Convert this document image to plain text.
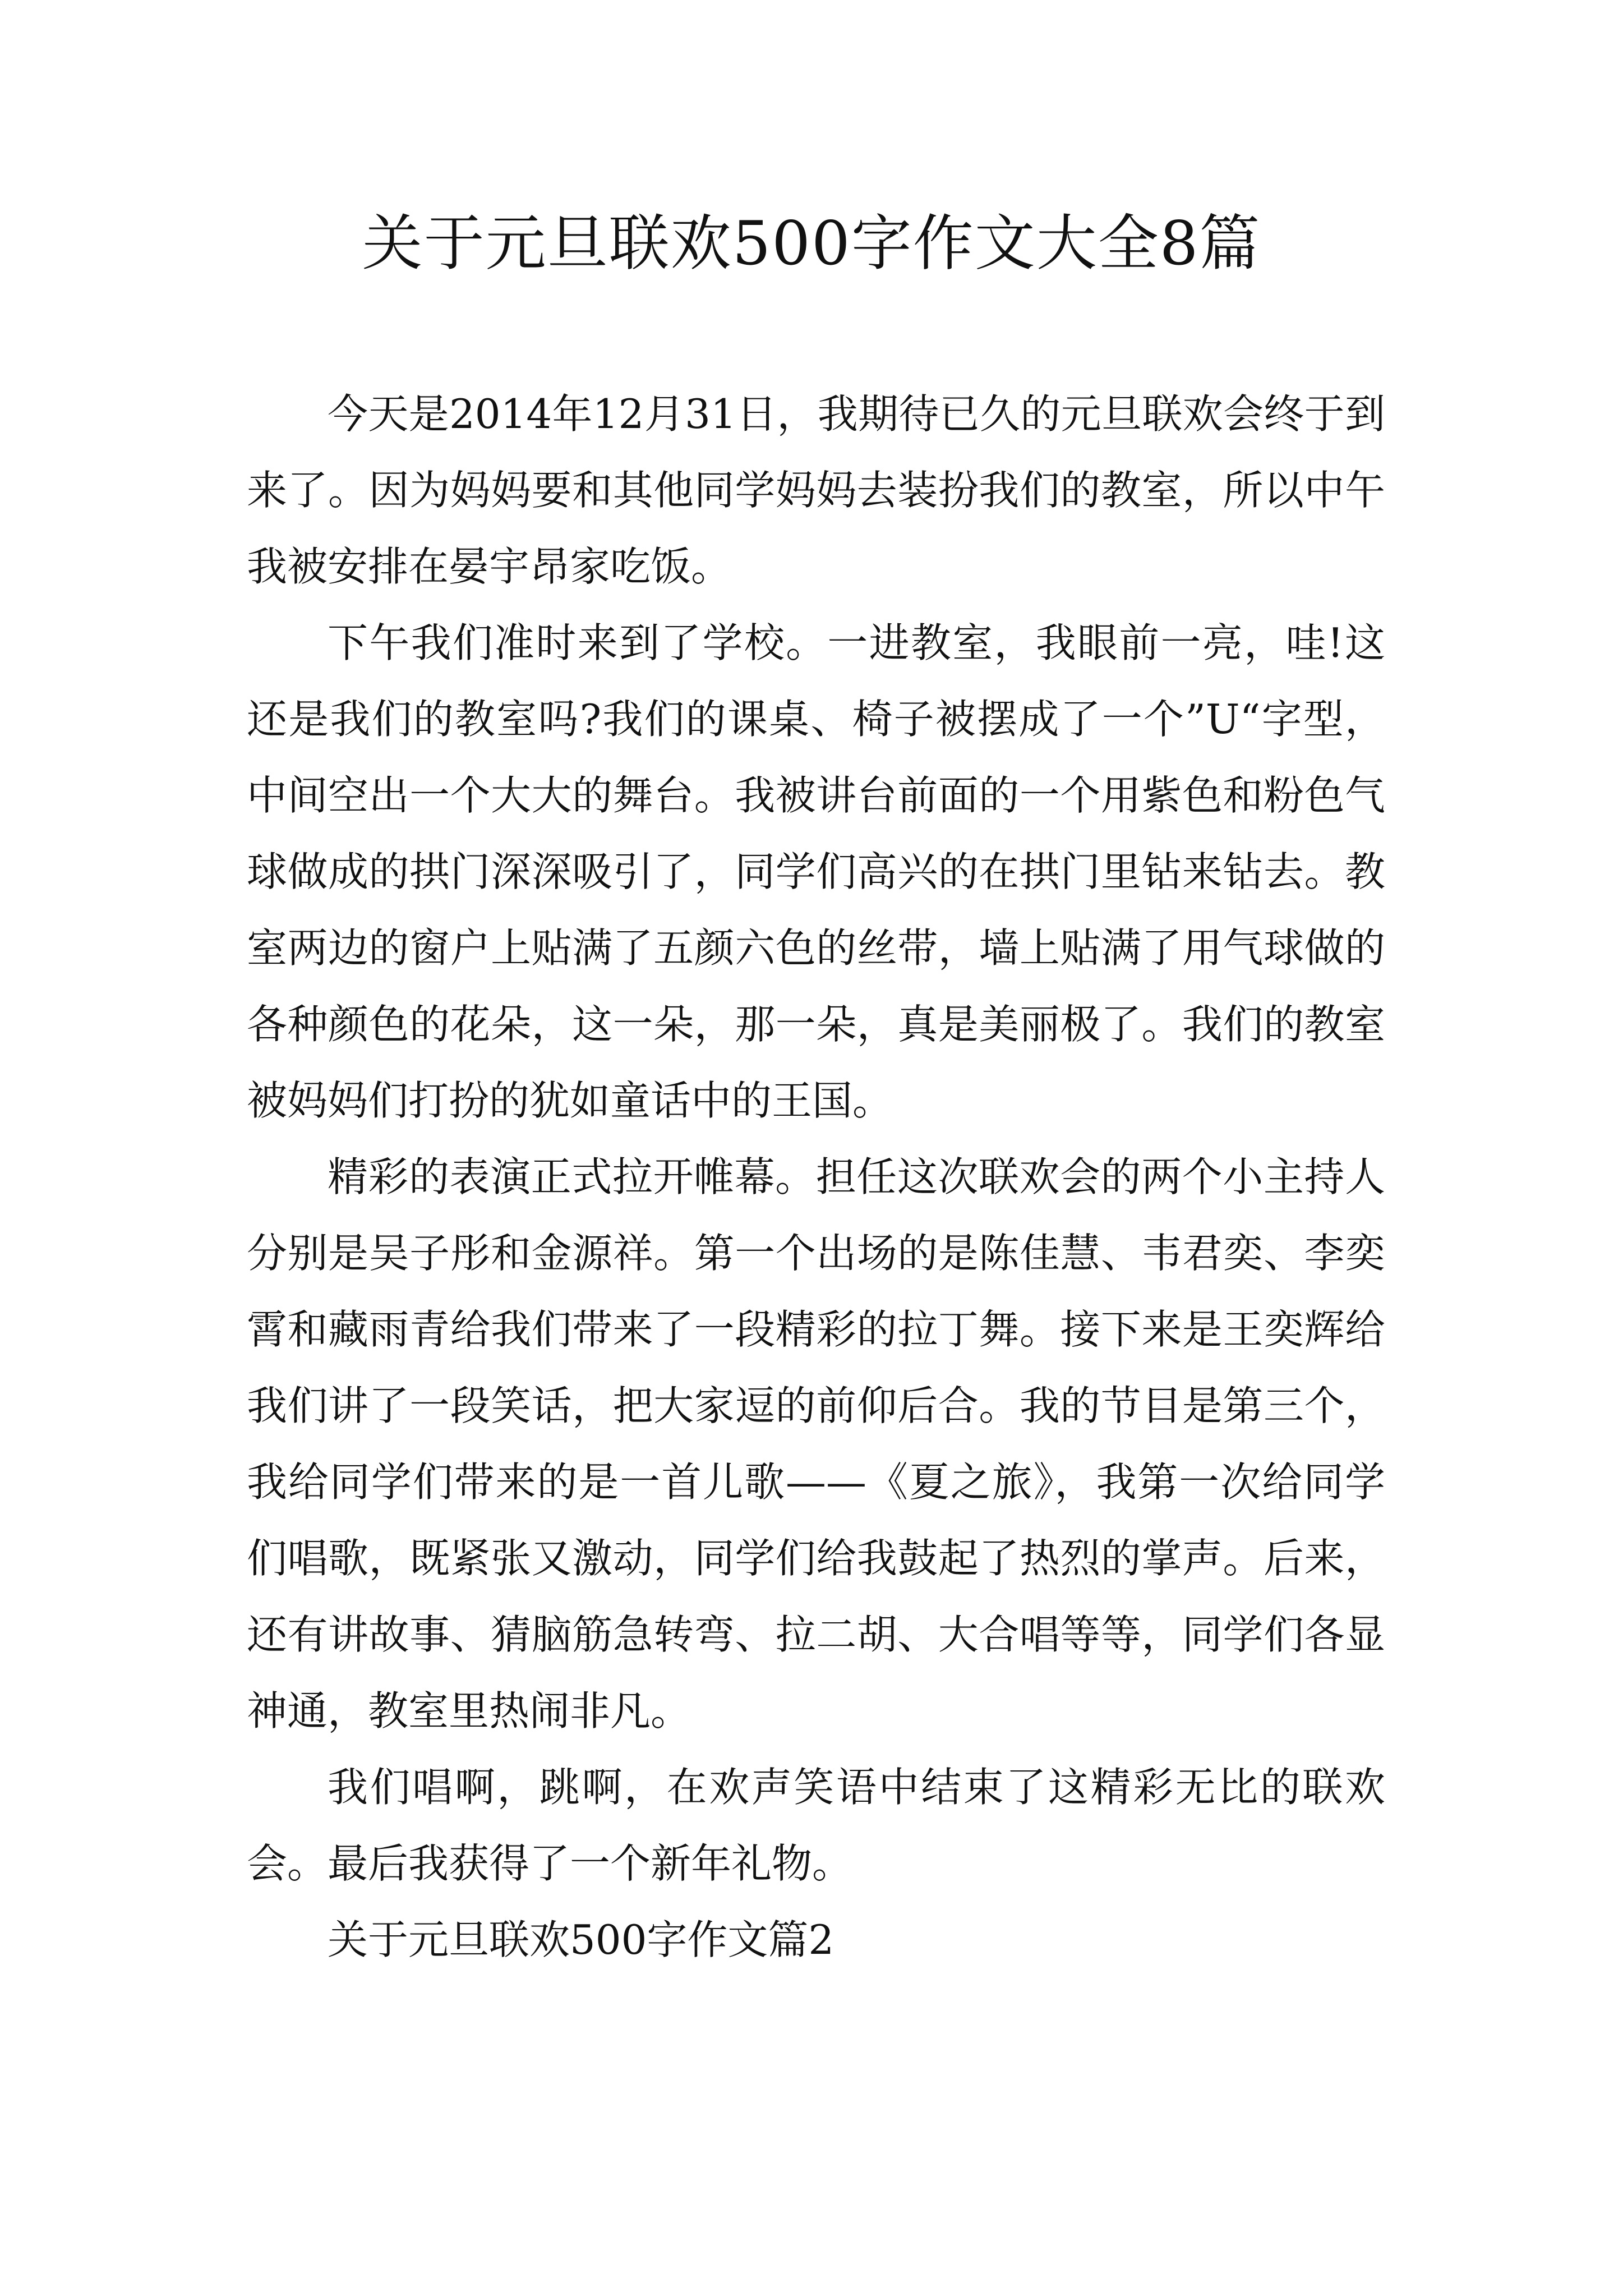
关于元旦联欢500字作文大全8篇

今天是2014年12月31日，我期待已久的元旦联欢会终于到来了。因为妈妈要和其他同学妈妈去装扮我们的教室，所以中午我被安排在晏宇昂家吃饭。

下午我们准时来到了学校。一进教室，我眼前一亮，哇!这还是我们的教室吗?我们的课桌、椅子被摆成了一个”U“字型，中间空出一个大大的舞台。我被讲台前面的一个用紫色和粉色气球做成的拱门深深吸引了，同学们高兴的在拱门里钻来钻去。教室两边的窗户上贴满了五颜六色的丝带，墙上贴满了用气球做的各种颜色的花朵，这一朵，那一朵，真是美丽极了。我们的教室被妈妈们打扮的犹如童话中的王国。

精彩的表演正式拉开帷幕。担任这次联欢会的两个小主持人分别是吴子彤和金源祥。第一个出场的是陈佳慧、韦君奕、李奕霄和藏雨青给我们带来了一段精彩的拉丁舞。接下来是王奕辉给我们讲了一段笑话，把大家逗的前仰后合。我的节目是第三个，我给同学们带来的是一首儿歌——《夏之旅》，我第一次给同学们唱歌，既紧张又激动，同学们给我鼓起了热烈的掌声。后来，还有讲故事、猜脑筋急转弯、拉二胡、大合唱等等，同学们各显神通，教室里热闹非凡。

我们唱啊，跳啊，在欢声笑语中结束了这精彩无比的联欢会。最后我获得了一个新年礼物。

关于元旦联欢500字作文篇2
